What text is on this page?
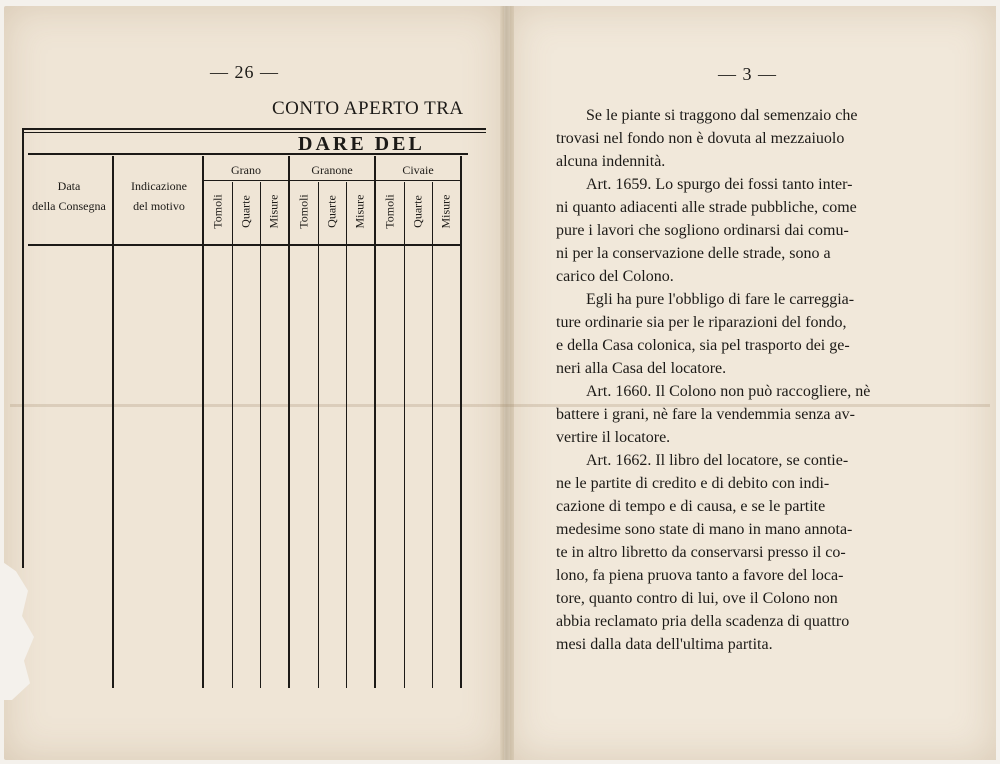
— 26 —
CONTO APERTO TRA
DARE DEL
Data
della Consegna
Indicazione
del motivo
Grano	Granone	Civaie
Tomoli Quarte Misure Tomoli Quarte Misure Tomoli Quarte Misure
— 3 —
Se le piante si traggono dal semenzaio che
trovasi nel fondo non è dovuta al mezzaiuolo
alcuna indennità.
Art. 1659. Lo spurgo dei fossi tanto inter-
ni quanto adiacenti alle strade pubbliche, come
pure i lavori che sogliono ordinarsi dai comu-
ni per la conservazione delle strade, sono a
carico del Colono.
Egli ha pure l'obbligo di fare le carreggia-
ture ordinarie sia per le riparazioni del fondo,
e della Casa colonica, sia pel trasporto dei ge-
neri alla Casa del locatore.
Art. 1660. Il Colono non può raccogliere, nè
battere i grani, nè fare la vendemmia senza av-
vertire il locatore.
Art. 1662. Il libro del locatore, se contie-
ne le partite di credito e di debito con indi-
cazione di tempo e di causa, e se le partite
medesime sono state di mano in mano annota-
te in altro libretto da conservarsi presso il co-
lono, fa piena pruova tanto a favore del loca-
tore, quanto contro di lui, ove il Colono non
abbia reclamato pria della scadenza di quattro
mesi dalla data dell'ultima partita.
